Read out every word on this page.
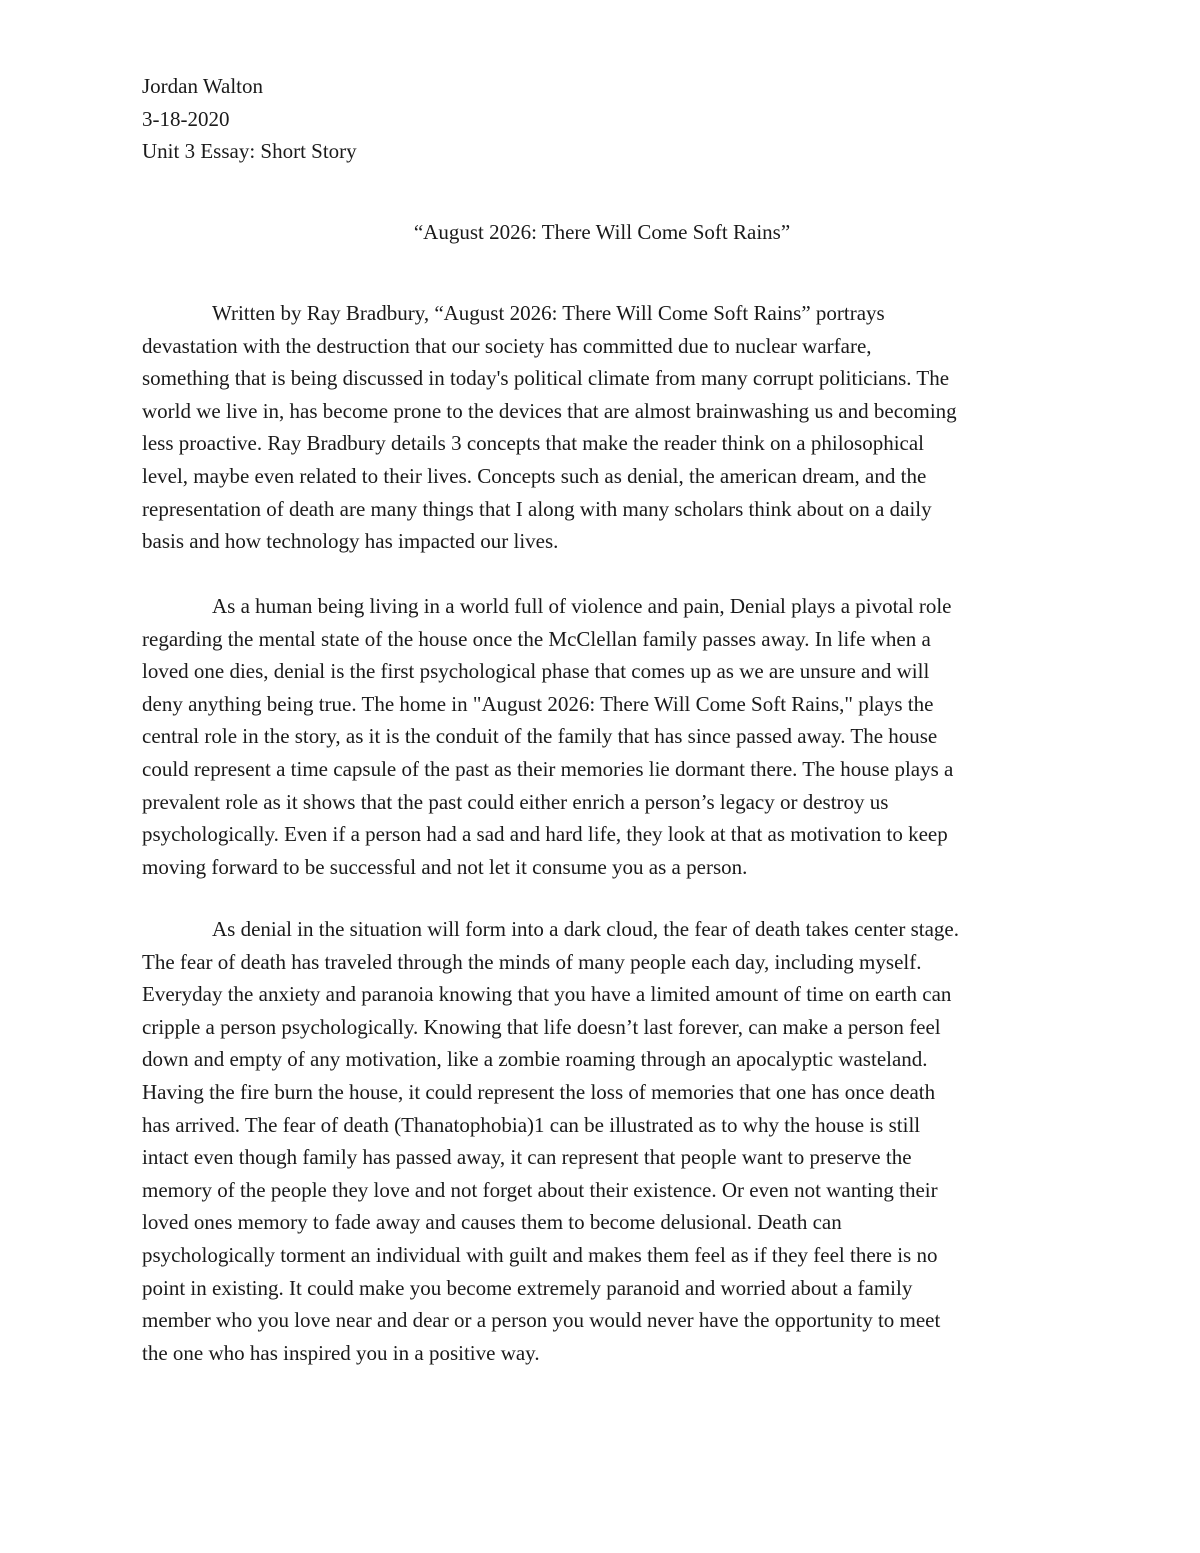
Jordan Walton
3-18-2020
Unit 3 Essay: Short Story
“August 2026: There Will Come Soft Rains”
Written by Ray Bradbury, “August 2026: There Will Come Soft Rains” portrays
devastation with the destruction that our society has committed due to nuclear warfare,
something that is being discussed in today's political climate from many corrupt politicians. The
world we live in, has become prone to the devices that are almost brainwashing us and becoming
less proactive. Ray Bradbury details 3 concepts that make the reader think on a philosophical
level, maybe even related to their lives. Concepts such as denial, the american dream, and the
representation of death are many things that I along with many scholars think about on a daily
basis and how technology has impacted our lives.
As a human being living in a world full of violence and pain, Denial plays a pivotal role
regarding the mental state of the house once the McClellan family passes away. In life when a
loved one dies, denial is the first psychological phase that comes up as we are unsure and will
deny anything being true. The home in "August 2026: There Will Come Soft Rains," plays the
central role in the story, as it is the conduit of the family that has since passed away. The house
could represent a time capsule of the past as their memories lie dormant there. The house plays a
prevalent role as it shows that the past could either enrich a person’s legacy or destroy us
psychologically. Even if a person had a sad and hard life, they look at that as motivation to keep
moving forward to be successful and not let it consume you as a person.
As denial in the situation will form into a dark cloud, the fear of death takes center stage.
The fear of death has traveled through the minds of many people each day, including myself.
Everyday the anxiety and paranoia knowing that you have a limited amount of time on earth can
cripple a person psychologically. Knowing that life doesn’t last forever, can make a person feel
down and empty of any motivation, like a zombie roaming through an apocalyptic wasteland.
Having the fire burn the house, it could represent the loss of memories that one has once death
has arrived. The fear of death (Thanatophobia)1 can be illustrated as to why the house is still
intact even though family has passed away, it can represent that people want to preserve the
memory of the people they love and not forget about their existence. Or even not wanting their
loved ones memory to fade away and causes them to become delusional. Death can
psychologically torment an individual with guilt and makes them feel as if they feel there is no
point in existing. It could make you become extremely paranoid and worried about a family
member who you love near and dear or a person you would never have the opportunity to meet
the one who has inspired you in a positive way.
